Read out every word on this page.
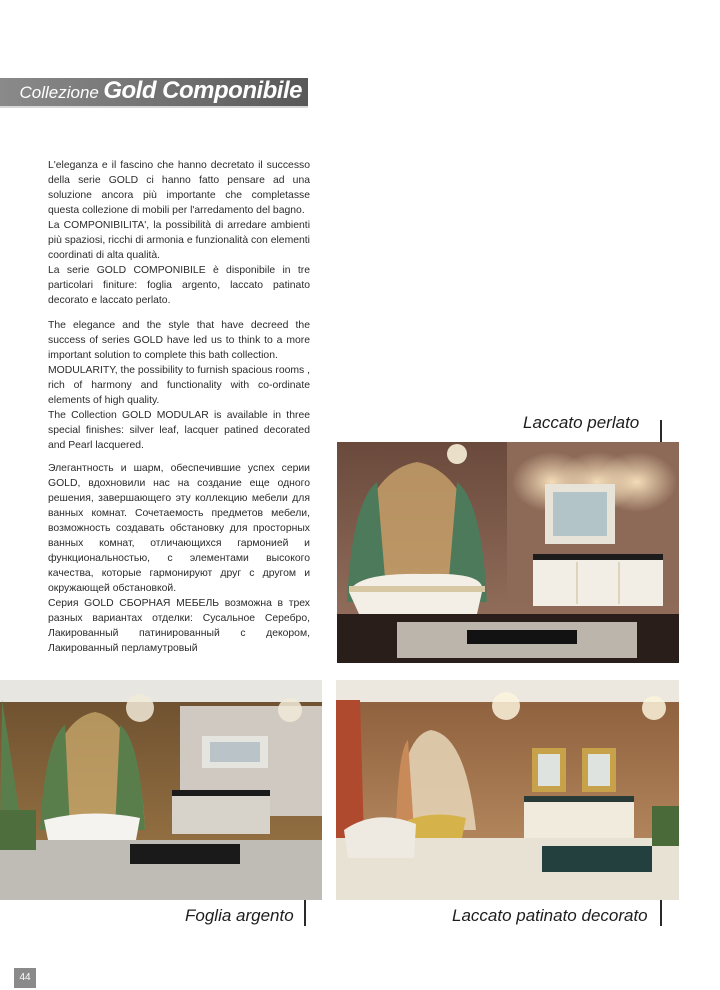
Collezione Gold Componibile

L'eleganza e il fascino che hanno decretato il successo della serie GOLD ci hanno fatto pensare ad una soluzione ancora più importante che completasse questa collezione di mobili per l'arredamento del bagno.

La COMPONIBILITA', la possibilità di arredare ambienti più spaziosi, ricchi di armonia e funzionalità con elementi coordinati di alta qualità.

La serie GOLD COMPONIBILE è disponibile in tre particolari finiture: foglia argento, laccato patinato decorato e laccato perlato.

The elegance and the style that have decreed the success of series GOLD have led us to think to a more important solution to complete this bath collection.

MODULARITY, the possibility to furnish spacious rooms , rich of harmony and functionality with co-ordinate elements of high quality.

The Collection GOLD MODULAR is available in three special finishes: silver leaf, lacquer patined decorated and Pearl lacquered.

Элегантность и шарм, обеспечившие успех серии GOLD, вдохновили нас на создание еще одного решения, завершающего эту коллекцию мебели для ванных комнат. Сочетаемость предметов мебели, возможность создавать обстановку для просторных ванных комнат, отличающихся гармонией и функциональностью, с элементами высокого качества, которые гармонируют друг с другом и окружающей обстановкой.

Серия GOLD СБОРНАЯ МЕБЕЛЬ возможна в трех разных вариантах отделки: Сусальное Серебро, Лакированный патинированный с декором, Лакированный перламутровый

Laccato perlato
Foglia argento	Laccato patinato decorato
44
